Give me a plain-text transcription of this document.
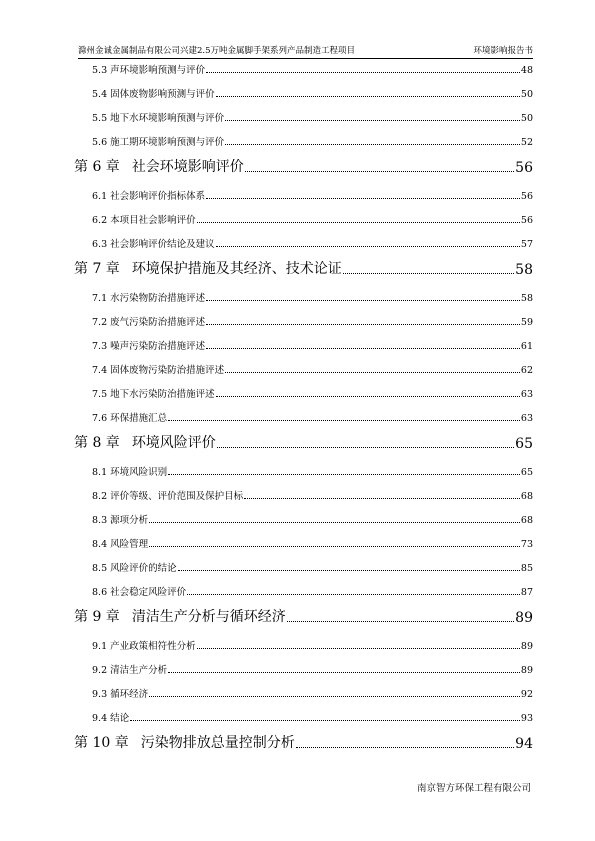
滁州金诚金属制品有限公司兴建2.5万吨金属脚手架系列产品制造工程项目	环境影响报告书
5.3 声环境影响预测与评价	48
5.4 固体废物影响预测与评价	50
5.5 地下水环境影响预测与评价	50
5.6 施工期环境影响预测与评价	52
第 6 章 社会环境影响评价	56
6.1 社会影响评价指标体系	56
6.2 本项目社会影响评价	56
6.3 社会影响评价结论及建议	57
第 7 章 环境保护措施及其经济、技术论证	58
7.1 水污染物防治措施评述	58
7.2 废气污染防治措施评述	59
7.3 噪声污染防治措施评述	61
7.4 固体废物污染防治措施评述	62
7.5 地下水污染防治措施评述	63
7.6 环保措施汇总	63
第 8 章 环境风险评价	65
8.1 环境风险识别	65
8.2 评价等级、评价范围及保护目标	68
8.3 源项分析	68
8.4 风险管理	73
8.5 风险评价的结论	85
8.6 社会稳定风险评价	87
第 9 章 清洁生产分析与循环经济	89
9.1 产业政策相符性分析	89
9.2 清洁生产分析	89
9.3 循环经济	92
9.4 结论	93
第 10 章 污染物排放总量控制分析	94
南京智方环保工程有限公司
